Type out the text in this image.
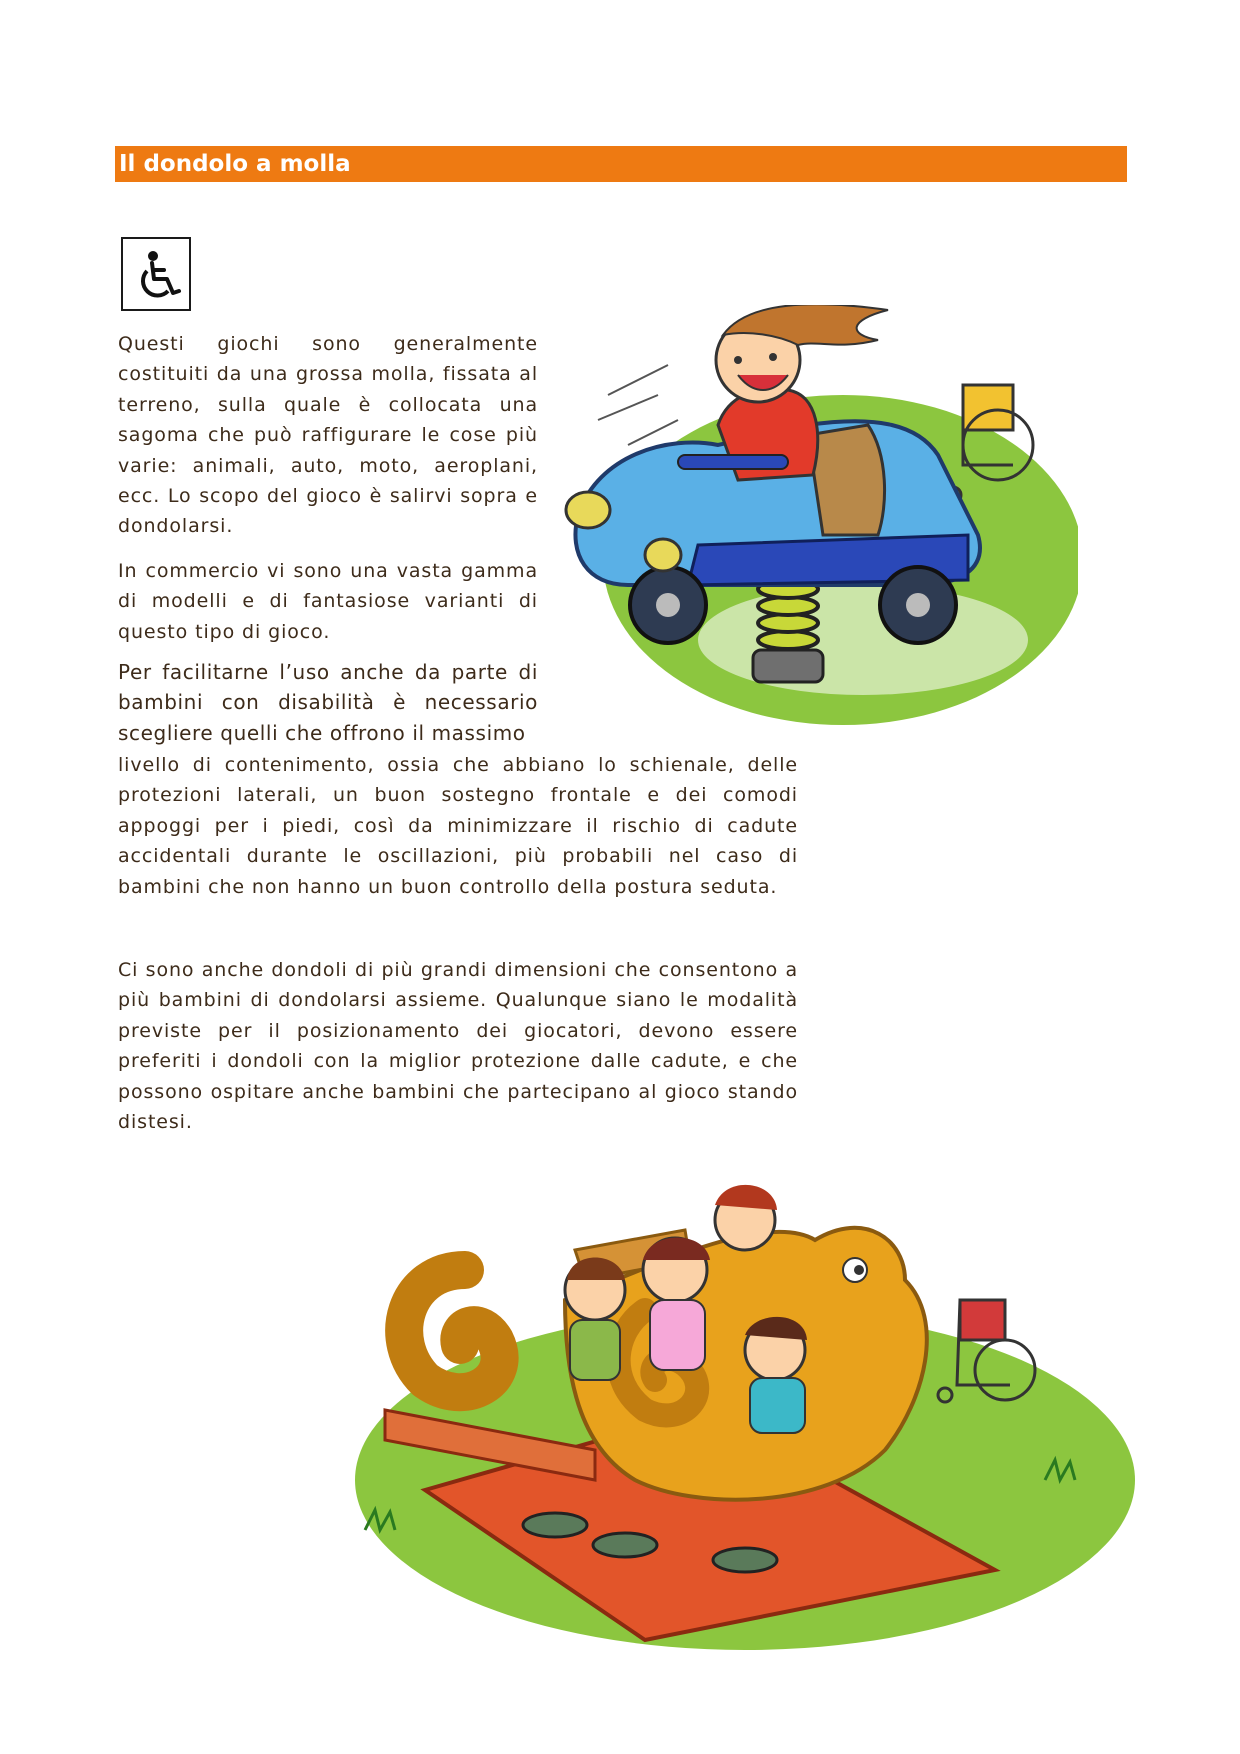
Il dondolo a molla

Questi giochi sono generalmente costituiti da una grossa molla, fissata al terreno, sulla quale è collocata una sagoma che può raffigurare le cose più varie: animali, auto, moto, aeroplani, ecc. Lo scopo del gioco è salirvi sopra e dondolarsi.

In commercio vi sono una vasta gamma di modelli e di fantasiose varianti di questo tipo di gioco.

Per facilitarne l’uso anche da parte di bambini con disabilità è necessario scegliere quelli che offrono il massimo

livello di contenimento, ossia che abbiano lo schienale, delle protezioni laterali, un buon sostegno frontale e dei comodi appoggi per i piedi, così da minimizzare il rischio di cadute accidentali durante le oscillazioni, più probabili nel caso di bambini che non hanno un buon controllo della postura seduta.

Ci sono anche dondoli di più grandi dimensioni che consentono a più bambini di dondolarsi assieme. Qualunque siano le modalità previste per il posizionamento dei giocatori, devono essere preferiti i dondoli con la miglior protezione dalle cadute, e che possono ospitare anche bambini che partecipano al gioco stando distesi.
